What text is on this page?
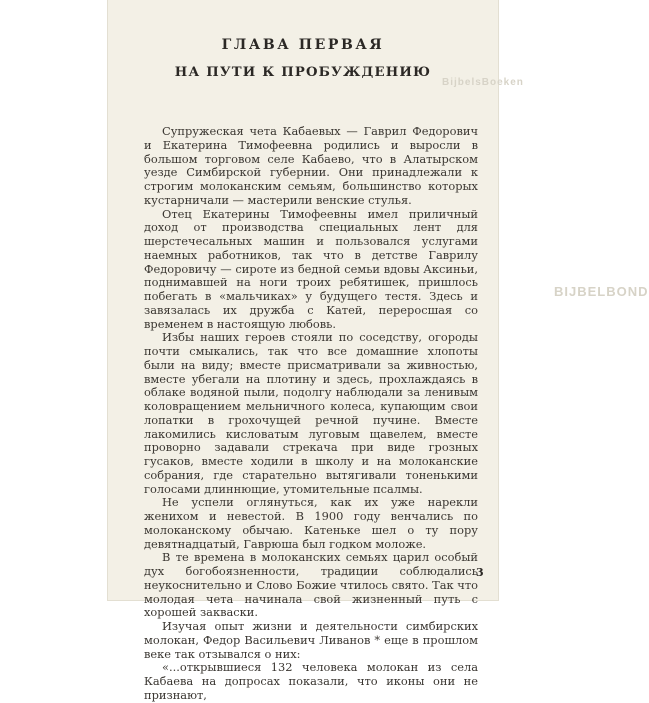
BijbelsBoeken
BIJBELBOND
ГЛАВА ПЕРВАЯ
НА ПУТИ К ПРОБУЖДЕНИЮ

Супружеская чета Кабаевых — Гаврил Федорович и Екатерина Тимофеевна родились и выросли в большом торговом селе Кабаево, что в Алатырском уезде Симбирской губернии. Они принадлежали к строгим молоканским семьям, большинство которых кустарничали — мастерили венские стулья.

Отец Екатерины Тимофеевны имел приличный доход от производства специальных лент для шерстечесальных машин и пользовался услугами наемных работников, так что в детстве Гаврилу Федоровичу — сироте из бедной семьи вдовы Аксиньи, поднимавшей на ноги троих ребятишек, пришлось побегать в «мальчиках» у будущего тестя. Здесь и завязалась их дружба с Катей, переросшая со временем в настоящую любовь.

Избы наших героев стояли по соседству, огороды почти смыкались, так что все домашние хлопоты были на виду; вместе присматривали за живностью, вместе убегали на плотину и здесь, прохлаждаясь в облаке водяной пыли, подолгу наблюдали за ленивым коловращением мельничного колеса, купающим свои лопатки в грохочущей речной пучине. Вместе лакомились кисловатым луговым щавелем, вместе проворно задавали стрекача при виде грозных гусаков, вместе ходили в школу и на молоканские собрания, где старательно вытягивали тоненькими голосами длиннющие, утомительные псалмы.

Не успели оглянуться, как их уже нарекли женихом и невестой. В 1900 году венчались по молоканскому обычаю. Катеньке шел о ту пору девятнадцатый, Гаврюша был годком моложе.

В те времена в молоканских семьях царил особый дух богобоязненности, традиции соблюдались неукоснительно и Слово Божие чтилось свято. Так что молодая чета начинала свой жизненный путь с хорошей закваски.

Изучая опыт жизни и деятельности симбирских молокан, Федор Васильевич Ливанов * еще в прошлом веке так отзывался о них:

«...открывшиеся 132 человека молокан из села Кабаева на допросах показали, что иконы они не признают,

3
